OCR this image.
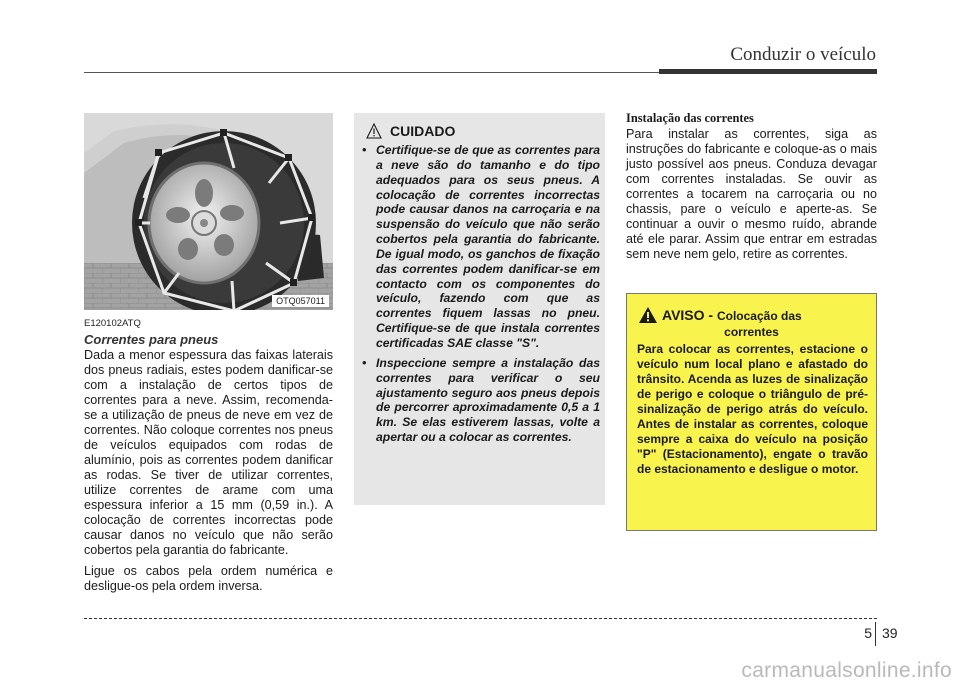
Conduzir o veículo
OTQ057011
E120102ATQ
Correntes para pneus

Dada a menor espessura das faixas laterais dos pneus radiais, estes podem danificar-se com a instalação de certos tipos de correntes para a neve. Assim, recomenda-se a utilização de pneus de neve em vez de correntes. Não coloque correntes nos pneus de veículos equipados com rodas de alumínio, pois as correntes podem danificar as rodas. Se tiver de utilizar correntes, utilize correntes de arame com uma espessura inferior a 15 mm (0,59 in.). A colocação de correntes incorrectas pode causar danos no veículo que não serão cobertos pela garantia do fabricante.

Ligue os cabos pela ordem numérica e desligue-os pela ordem inversa.

CUIDADO
• Certifique-se de que as correntes para a neve são do tamanho e do tipo adequados para os seus pneus. A colocação de correntes incorrectas pode causar danos na carroçaria e na suspensão do veículo que não serão cobertos pela garantia do fabricante. De igual modo, os ganchos de fixação das correntes podem danificar-se em contacto com os componentes do veículo, fazendo com que as correntes fiquem lassas no pneu. Certifique-se de que instala correntes certificadas SAE classe "S".
• Inspeccione sempre a instalação das correntes para verificar o seu ajustamento seguro aos pneus depois de percorrer aproximadamente 0,5 a 1 km. Se elas estiverem lassas, volte a apertar ou a colocar as correntes.
Instalação das correntes

Para instalar as correntes, siga as instruções do fabricante e coloque-as o mais justo possível aos pneus. Conduza devagar com correntes instaladas. Se ouvir as correntes a tocarem na carroçaria ou no chassis, pare o veículo e aperte-as. Se continuar a ouvir o mesmo ruído, abrande até ele parar. Assim que entrar em estradas sem neve nem gelo, retire as correntes.

AVISO - Colocação das
correntes

Para colocar as correntes, estacione o veículo num local plano e afastado do trânsito. Acenda as luzes de sinalização de perigo e coloque o triângulo de pré-sinalização de perigo atrás do veículo. Antes de instalar as correntes, coloque sempre a caixa do veículo na posição "P" (Estacionamento), engate o travão de estacionamento e desligue o motor.

5 39
carmanualsonline.info
